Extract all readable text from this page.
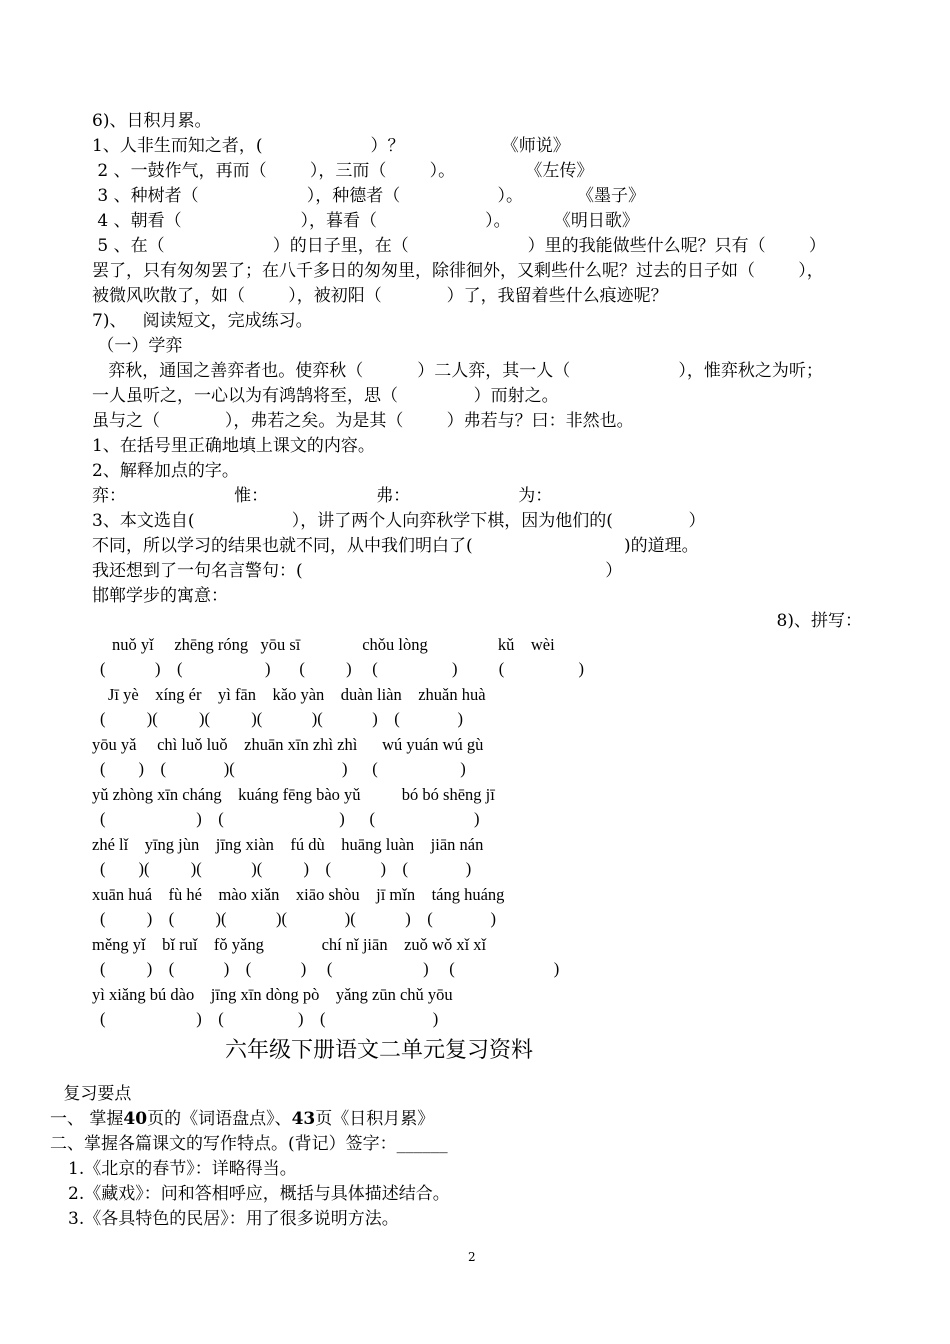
6)、日积月累。
1、人非生而知之者，(                    ）？                  《师说》
2 、一鼓作气，再而（        ），三而（        ）。             《左传》
3 、种树者（                    ），种德者（                  ）。          《墨子》
4 、朝看（                      ），暮看（                    ）。        《明日歌》
5 、在（                    ）的日子里，在（                      ）里的我能做些什么呢？只有（        ）
罢了，只有匆匆罢了；在八千多日的匆匆里，除徘徊外，又剩些什么呢？过去的日子如（        ），
被微风吹散了，如（        ），被初阳（            ）了，我留着些什么痕迹呢？
7)、   阅读短文，完成练习。
（一）学弈
弈秋，通国之善弈者也。使弈秋（          ）二人弈，其一人（                    ），惟弈秋之为听；
一人虽听之，一心以为有鸿鹄将至，思（              ）而射之。
虽与之（            ），弗若之矣。为是其（        ）弗若与？曰：非然也。
1、在括号里正确地填上课文的内容。
2、解释加点的字。
弈：                    惟：                    弗：                    为：
3、本文选自(                  ），讲了两个人向弈秋学下棋，因为他们的(              ）
不同，所以学习的结果也就不同，从中我们明白了(                            )的道理。
我还想到了一句名言警句：(                                                        ）
邯郸学步的寓意：
8)、拼写：
nuǒ yǐ     zhēng róng   yōu sī               chǒu lòng                 kǔ    wèi
(            )    (                    )       (          )     (                  )          (                  )
Jī yè    xíng ér    yì fān    kǎo yàn    duàn liàn    zhuǎn huà
(          )(          )(          )(            )(            )    (              )
yōu yǎ     chì luǒ luǒ    zhuān xīn zhì zhì      wú yuán wú gù
(        )    (              )(                          )      (                    )
yǔ zhòng xīn cháng    kuáng fēng bào yǔ          bó bó shēng jī
(                      )    (                            )      (                        )
zhé lǐ    yīng jùn    jīng xiàn    fú dù    huāng luàn    jiān nán
(        )(          )(            )(          )    (            )    (              )
xuān huá    fù hé    mào xiǎn    xiāo shòu    jī mǐn    táng huáng
(          )    (          )(            )(              )(            )    (              )
měng yǐ    bǐ ruǐ    fǒ yǎng              chí nǐ jiān    zuǒ wǒ xǐ xǐ
(          )    (            )    (            )     (                      )     (                        )
yì xiǎng bú dào    jīng xīn dòng pò    yǎng zūn chǔ yōu
(                      )    (                  )    (                          )
六年级下册语文二单元复习资料
复习要点
一、 掌握40页的《词语盘点》、43页《日积月累》
二、掌握各篇课文的写作特点。(背记）签字：______
1.《北京的春节》：详略得当。
2.《藏戏》：问和答相呼应，概括与具体描述结合。
3.《各具特色的民居》：用了很多说明方法。
2
